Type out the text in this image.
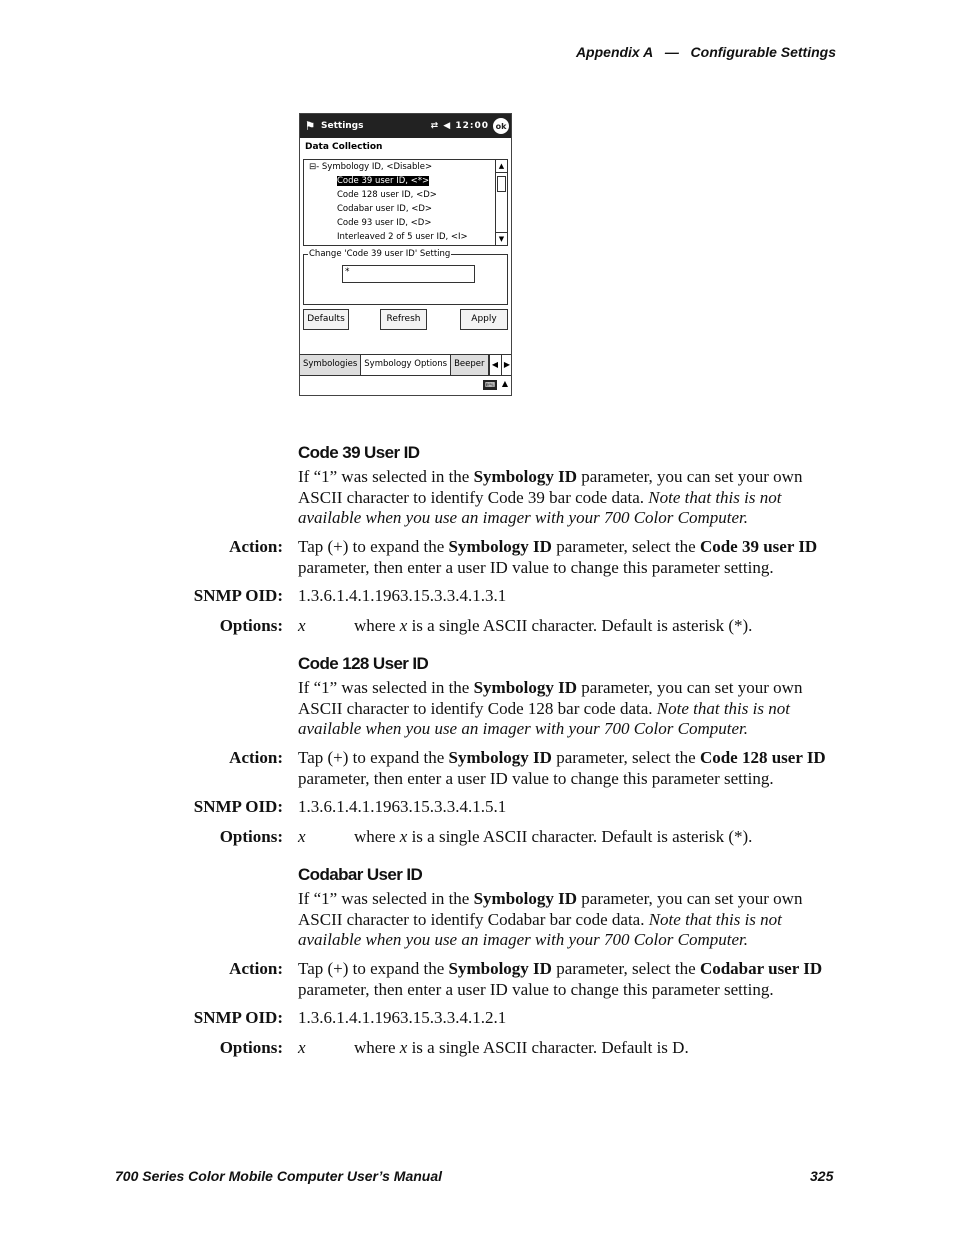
Appendix A — Configurable Settings
⚑ Settings	⇄ ◀ 12:00 ok
Data Collection
⊟- Symbology ID, <Disable>
Code 39 user ID, <*>
Code 128 user ID, <D>
Codabar user ID, <D>
Code 93 user ID, <D>
Interleaved 2 of 5 user ID, <I>
▲
▼
Change 'Code 39 user ID' Setting
*
Defaults	Refresh	Apply
Symbologies Symbology Options Beeper ◀ ▶
⌨ ▲
Code 39 User ID
If “1” was selected in the Symbology ID parameter, you can set your own ASCII character to identify Code 39 bar code data. Note that this is not available when you use an imager with your 700 Color Computer.
Action: Tap (+) to expand the Symbology ID parameter, select the Code 39 user ID parameter, then enter a user ID value to change this parameter setting.
SNMP OID: 1.3.6.1.4.1.1963.15.3.3.4.1.3.1
Options: x	where x is a single ASCII character. Default is asterisk (*).
Code 128 User ID
If “1” was selected in the Symbology ID parameter, you can set your own ASCII character to identify Code 128 bar code data. Note that this is not available when you use an imager with your 700 Color Computer.
Action: Tap (+) to expand the Symbology ID parameter, select the Code 128 user ID parameter, then enter a user ID value to change this parameter setting.
SNMP OID: 1.3.6.1.4.1.1963.15.3.3.4.1.5.1
Options: x	where x is a single ASCII character. Default is asterisk (*).
Codabar User ID
If “1” was selected in the Symbology ID parameter, you can set your own ASCII character to identify Codabar bar code data. Note that this is not available when you use an imager with your 700 Color Computer.
Action: Tap (+) to expand the Symbology ID parameter, select the Codabar user ID parameter, then enter a user ID value to change this parameter setting.
SNMP OID: 1.3.6.1.4.1.1963.15.3.3.4.1.2.1
Options: x	where x is a single ASCII character. Default is D.
700 Series Color Mobile Computer User’s Manual	325
